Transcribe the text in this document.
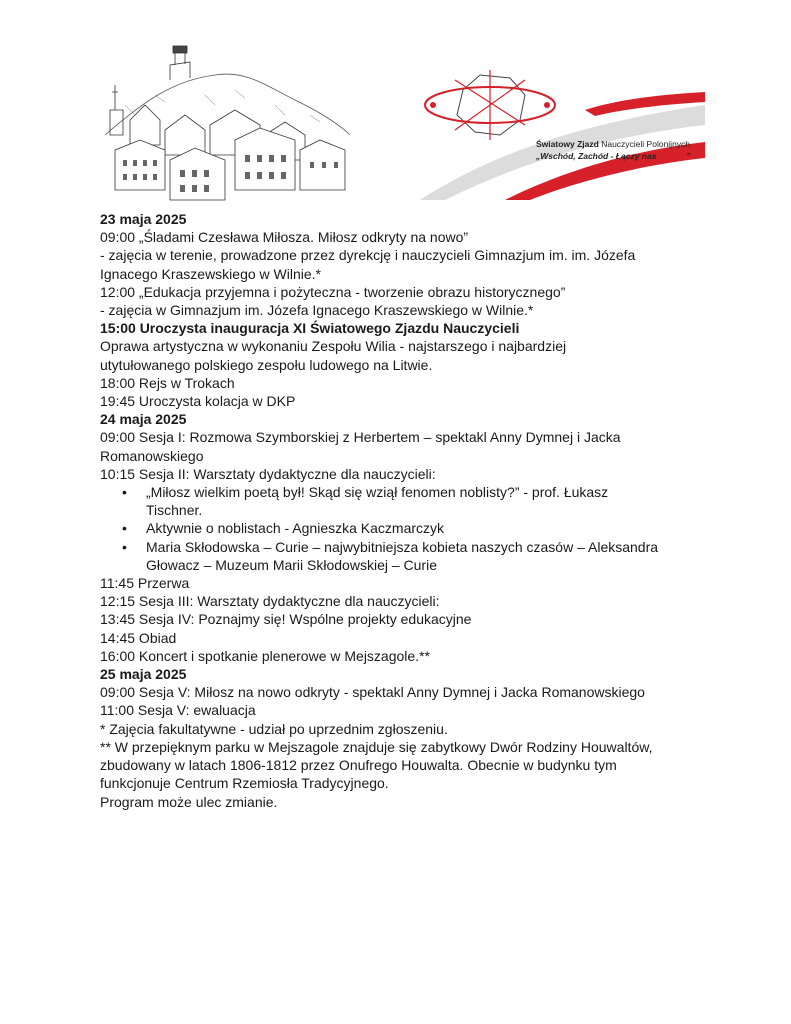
Światowy Zjazd Nauczycieli Polonijnych
„Wschód, Zachód - Łączy nas Polska”

23 maja 2025

09:00 „Śladami Czesława Miłosza. Miłosz odkryty na nowo”

- zajęcia w terenie, prowadzone przez dyrekcję i nauczycieli Gimnazjum im. im. Józefa

Ignacego Kraszewskiego w Wilnie.*

12:00 „Edukacja przyjemna i pożyteczna - tworzenie obrazu historycznego”

- zajęcia w Gimnazjum im. Józefa Ignacego Kraszewskiego w Wilnie.*

15:00 Uroczysta inauguracja XI Światowego Zjazdu Nauczycieli

Oprawa artystyczna w wykonaniu Zespołu Wilia - najstarszego i najbardziej

utytułowanego polskiego zespołu ludowego na Litwie.

18:00 Rejs w Trokach

19:45 Uroczysta kolacja w DKP

24 maja 2025

09:00 Sesja I: Rozmowa Szymborskiej z Herbertem – spektakl Anny Dymnej i Jacka

Romanowskiego

10:15 Sesja II: Warsztaty dydaktyczne dla nauczycieli:

• „Miłosz wielkim poetą był! Skąd się wziął fenomen noblisty?” - prof. Łukasz
Tischner.
• Aktywnie o noblistach - Agnieszka Kaczmarczyk
• Maria Skłodowska – Curie – najwybitniejsza kobieta naszych czasów – Aleksandra
Głowacz – Muzeum Marii Skłodowskiej – Curie

11:45 Przerwa

12:15 Sesja III: Warsztaty dydaktyczne dla nauczycieli:

13:45 Sesja IV: Poznajmy się! Wspólne projekty edukacyjne

14:45 Obiad

16:00 Koncert i spotkanie plenerowe w Mejszagole.**

25 maja 2025

09:00 Sesja V: Miłosz na nowo odkryty - spektakl Anny Dymnej i Jacka Romanowskiego

11:00 Sesja V: ewaluacja

* Zajęcia fakultatywne - udział po uprzednim zgłoszeniu.

** W przepięknym parku w Mejszagole znajduje się zabytkowy Dwór Rodziny Houwaltów,

zbudowany w latach 1806-1812 przez Onufrego Houwalta. Obecnie w budynku tym

funkcjonuje Centrum Rzemiosła Tradycyjnego.

Program może ulec zmianie.
